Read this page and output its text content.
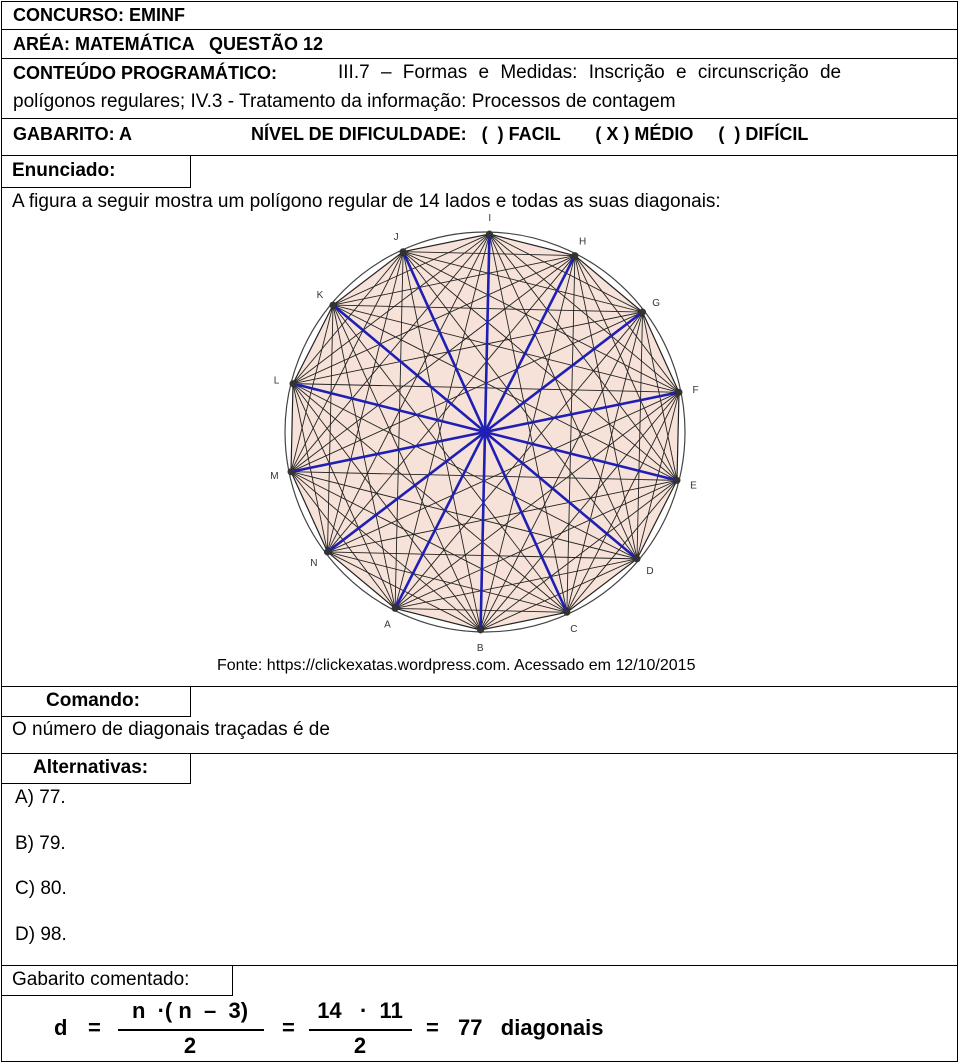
CONCURSO: EMINF
ARÉA: MATEMÁTICA   QUESTÃO 12
CONTEÚDO PROGRAMÁTICO:	III.7 – Formas e Medidas: Inscrição e circunscrição de
polígonos regulares; IV.3 - Tratamento da informação: Processos de contagem
GABARITO: A	NÍVEL DE DIFICULDADE:   (  ) FACIL       ( X ) MÉDIO     (  ) DIFÍCIL
Enunciado:
A figura a seguir mostra um polígono regular de 14 lados e todas as suas diagonais:
A
B
C
D
E
F
G
H
I
J
K
L
M
N
Fonte: https://clickexatas.wordpress.com. Acessado em 12/10/2015
Comando:
O número de diagonais traçadas é de
Alternativas:
A) 77.
B) 79.
C) 80.
D) 98.
Gabarito comentado:
d =
n  ·( n  –  3)
2
=
14   ·  11
2
= 77   diagonais
